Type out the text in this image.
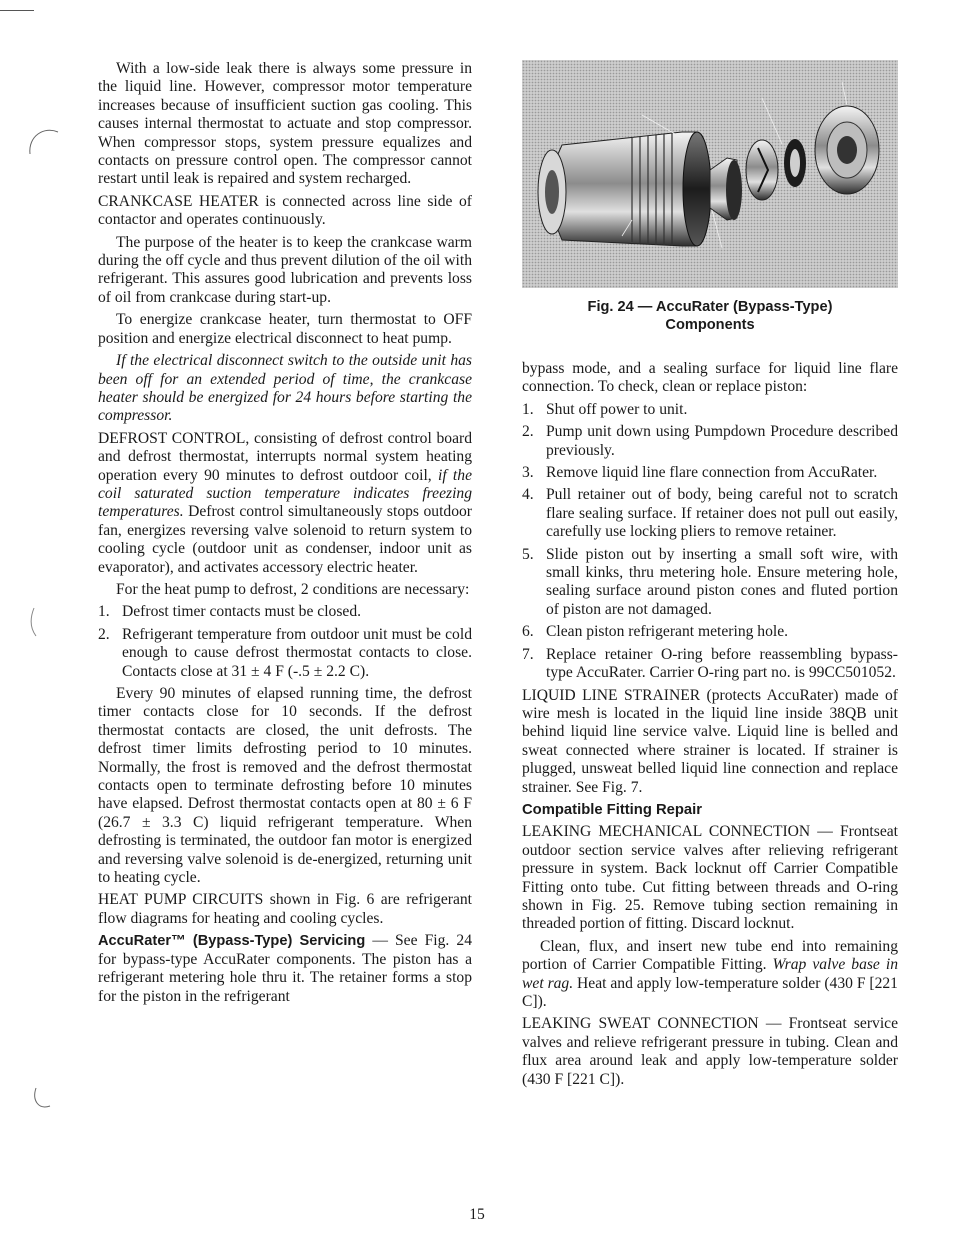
With a low-side leak there is always some pressure in the liquid line. However, compressor motor temperature increases because of insufficient suction gas cooling. This causes internal thermostat to actuate and stop compressor. When compressor stops, system pressure equalizes and contacts on pressure control open. The compressor cannot restart until leak is repaired and system recharged.

CRANKCASE HEATER is connected across line side of contactor and operates continuously.

The purpose of the heater is to keep the crankcase warm during the off cycle and thus prevent dilution of the oil with refrigerant. This assures good lubrication and prevents loss of oil from crankcase during start-up.

To energize crankcase heater, turn thermostat to OFF position and energize electrical disconnect to heat pump.

If the electrical disconnect switch to the outside unit has been off for an extended period of time, the crankcase heater should be energized for 24 hours before starting the compressor.

DEFROST CONTROL, consisting of defrost control board and defrost thermostat, interrupts normal system heating operation every 90 minutes to defrost outdoor coil, if the coil saturated suction temperature indicates freezing temperatures. Defrost control simultaneously stops outdoor fan, energizes reversing valve solenoid to return system to cooling cycle (outdoor unit as condenser, indoor unit as evaporator), and activates accessory electric heater.

For the heat pump to defrost, 2 conditions are necessary:

1. Defrost timer contacts must be closed.
2. Refrigerant temperature from outdoor unit must be cold enough to cause defrost thermostat contacts to close. Contacts close at 31 ± 4 F (-.5 ± 2.2 C).

Every 90 minutes of elapsed running time, the defrost timer contacts close for 10 seconds. If the defrost thermostat contacts are closed, the unit defrosts. The defrost timer limits defrosting period to 10 minutes. Normally, the frost is removed and the defrost thermostat contacts open to terminate defrosting before 10 minutes have elapsed. Defrost thermostat contacts open at 80 ± 6 F (26.7 ± 3.3 C) liquid refrigerant temperature. When defrosting is terminated, the outdoor fan motor is energized and reversing valve solenoid is de-energized, returning unit to heating cycle.

HEAT PUMP CIRCUITS shown in Fig. 6 are refrigerant flow diagrams for heating and cooling cycles.

AccuRater™ (Bypass-Type) Servicing — See Fig. 24 for bypass-type AccuRater components. The piston has a refrigerant metering hole thru it. The retainer forms a stop for the piston in the refrigerant

Fig. 24 — AccuRater (Bypass-Type)
Components

bypass mode, and a sealing surface for liquid line flare connection. To check, clean or replace piston:

1. Shut off power to unit.
2. Pump unit down using Pumpdown Procedure described previously.
3. Remove liquid line flare connection from AccuRater.
4. Pull retainer out of body, being careful not to scratch flare sealing surface. If retainer does not pull out easily, carefully use locking pliers to remove retainer.
5. Slide piston out by inserting a small soft wire, with small kinks, thru metering hole. Ensure metering hole, sealing surface around piston cones and fluted portion of piston are not damaged.
6. Clean piston refrigerant metering hole.
7. Replace retainer O-ring before reassembling bypass-type AccuRater. Carrier O-ring part no. is 99CC501052.

LIQUID LINE STRAINER (protects AccuRater) made of wire mesh is located in the liquid line inside 38QB unit behind liquid line service valve. Liquid line is belled and sweat connected where strainer is located. If strainer is plugged, unsweat belled liquid line connection and replace strainer. See Fig. 7.

Compatible Fitting Repair

LEAKING MECHANICAL CONNECTION — Frontseat outdoor section service valves after relieving refrigerant pressure in system. Back locknut off Carrier Compatible Fitting onto tube. Cut fitting between threads and O-ring shown in Fig. 25. Remove tubing section remaining in threaded portion of fitting. Discard locknut.

Clean, flux, and insert new tube end into remaining portion of Carrier Compatible Fitting. Wrap valve base in wet rag. Heat and apply low-temperature solder (430 F [221 C]).

LEAKING SWEAT CONNECTION — Frontseat service valves and relieve refrigerant pressure in tubing. Clean and flux area around leak and apply low-temperature solder (430 F [221 C]).

15
